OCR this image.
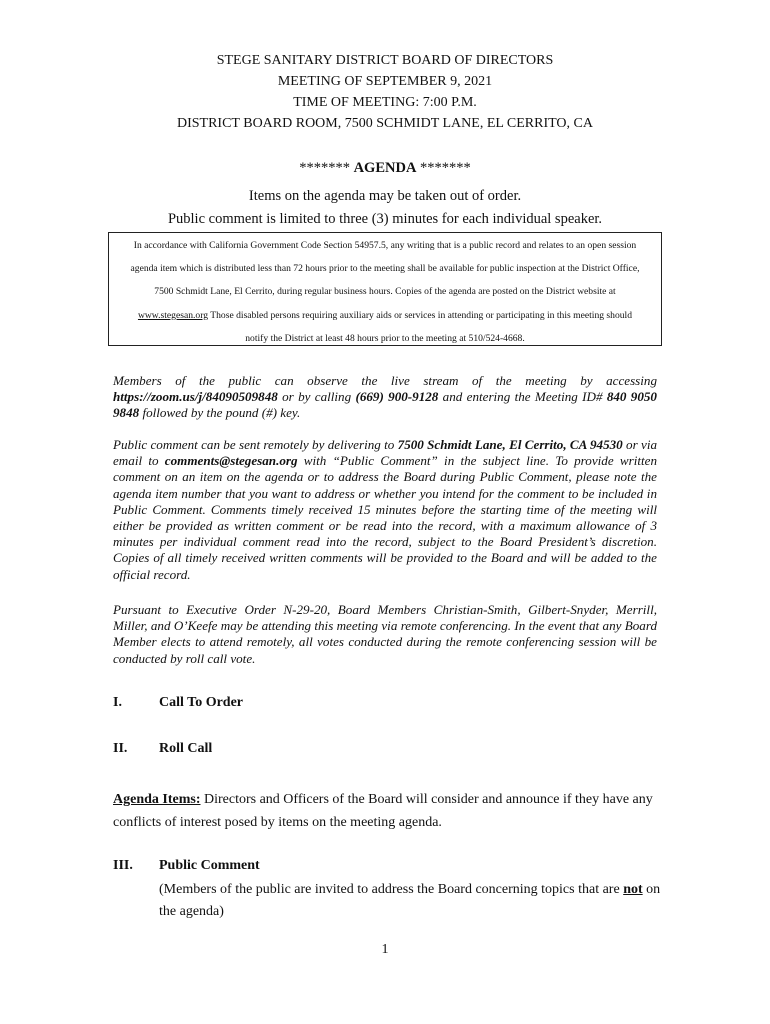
STEGE SANITARY DISTRICT BOARD OF DIRECTORS
MEETING OF SEPTEMBER 9, 2021
TIME OF MEETING: 7:00 P.M.
DISTRICT BOARD ROOM, 7500 SCHMIDT LANE, EL CERRITO, CA
******* AGENDA *******
Items on the agenda may be taken out of order.
Public comment is limited to three (3) minutes for each individual speaker.
In accordance with California Government Code Section 54957.5, any writing that is a public record and relates to an open session
agenda item which is distributed less than 72 hours prior to the meeting shall be available for public inspection at the District Office,
7500 Schmidt Lane, El Cerrito, during regular business hours. Copies of the agenda are posted on the District website at
www.stegesan.org Those disabled persons requiring auxiliary aids or services in attending or participating in this meeting should
notify the District at least 48 hours prior to the meeting at 510/524-4668.
Members of the public can observe the live stream of the meeting by accessing https://zoom.us/j/84090509848 or by calling (669) 900-9128 and entering the Meeting ID# 840 9050 9848 followed by the pound (#) key.
Public comment can be sent remotely by delivering to 7500 Schmidt Lane, El Cerrito, CA 94530 or via email to comments@stegesan.org with “Public Comment” in the subject line. To provide written comment on an item on the agenda or to address the Board during Public Comment, please note the agenda item number that you want to address or whether you intend for the comment to be included in Public Comment. Comments timely received 15 minutes before the starting time of the meeting will either be provided as written comment or be read into the record, with a maximum allowance of 3 minutes per individual comment read into the record, subject to the Board President’s discretion. Copies of all timely received written comments will be provided to the Board and will be added to the official record.
Pursuant to Executive Order N-29-20, Board Members Christian-Smith, Gilbert-Snyder, Merrill, Miller, and O’Keefe may be attending this meeting via remote conferencing. In the event that any Board Member elects to attend remotely, all votes conducted during the remote conferencing session will be conducted by roll call vote.
I.	Call To Order
II. Roll Call
Agenda Items: Directors and Officers of the Board will consider and announce if they have any conflicts of interest posed by items on the meeting agenda.
III. Public Comment
(Members of the public are invited to address the Board concerning topics that are not on the agenda)
1
